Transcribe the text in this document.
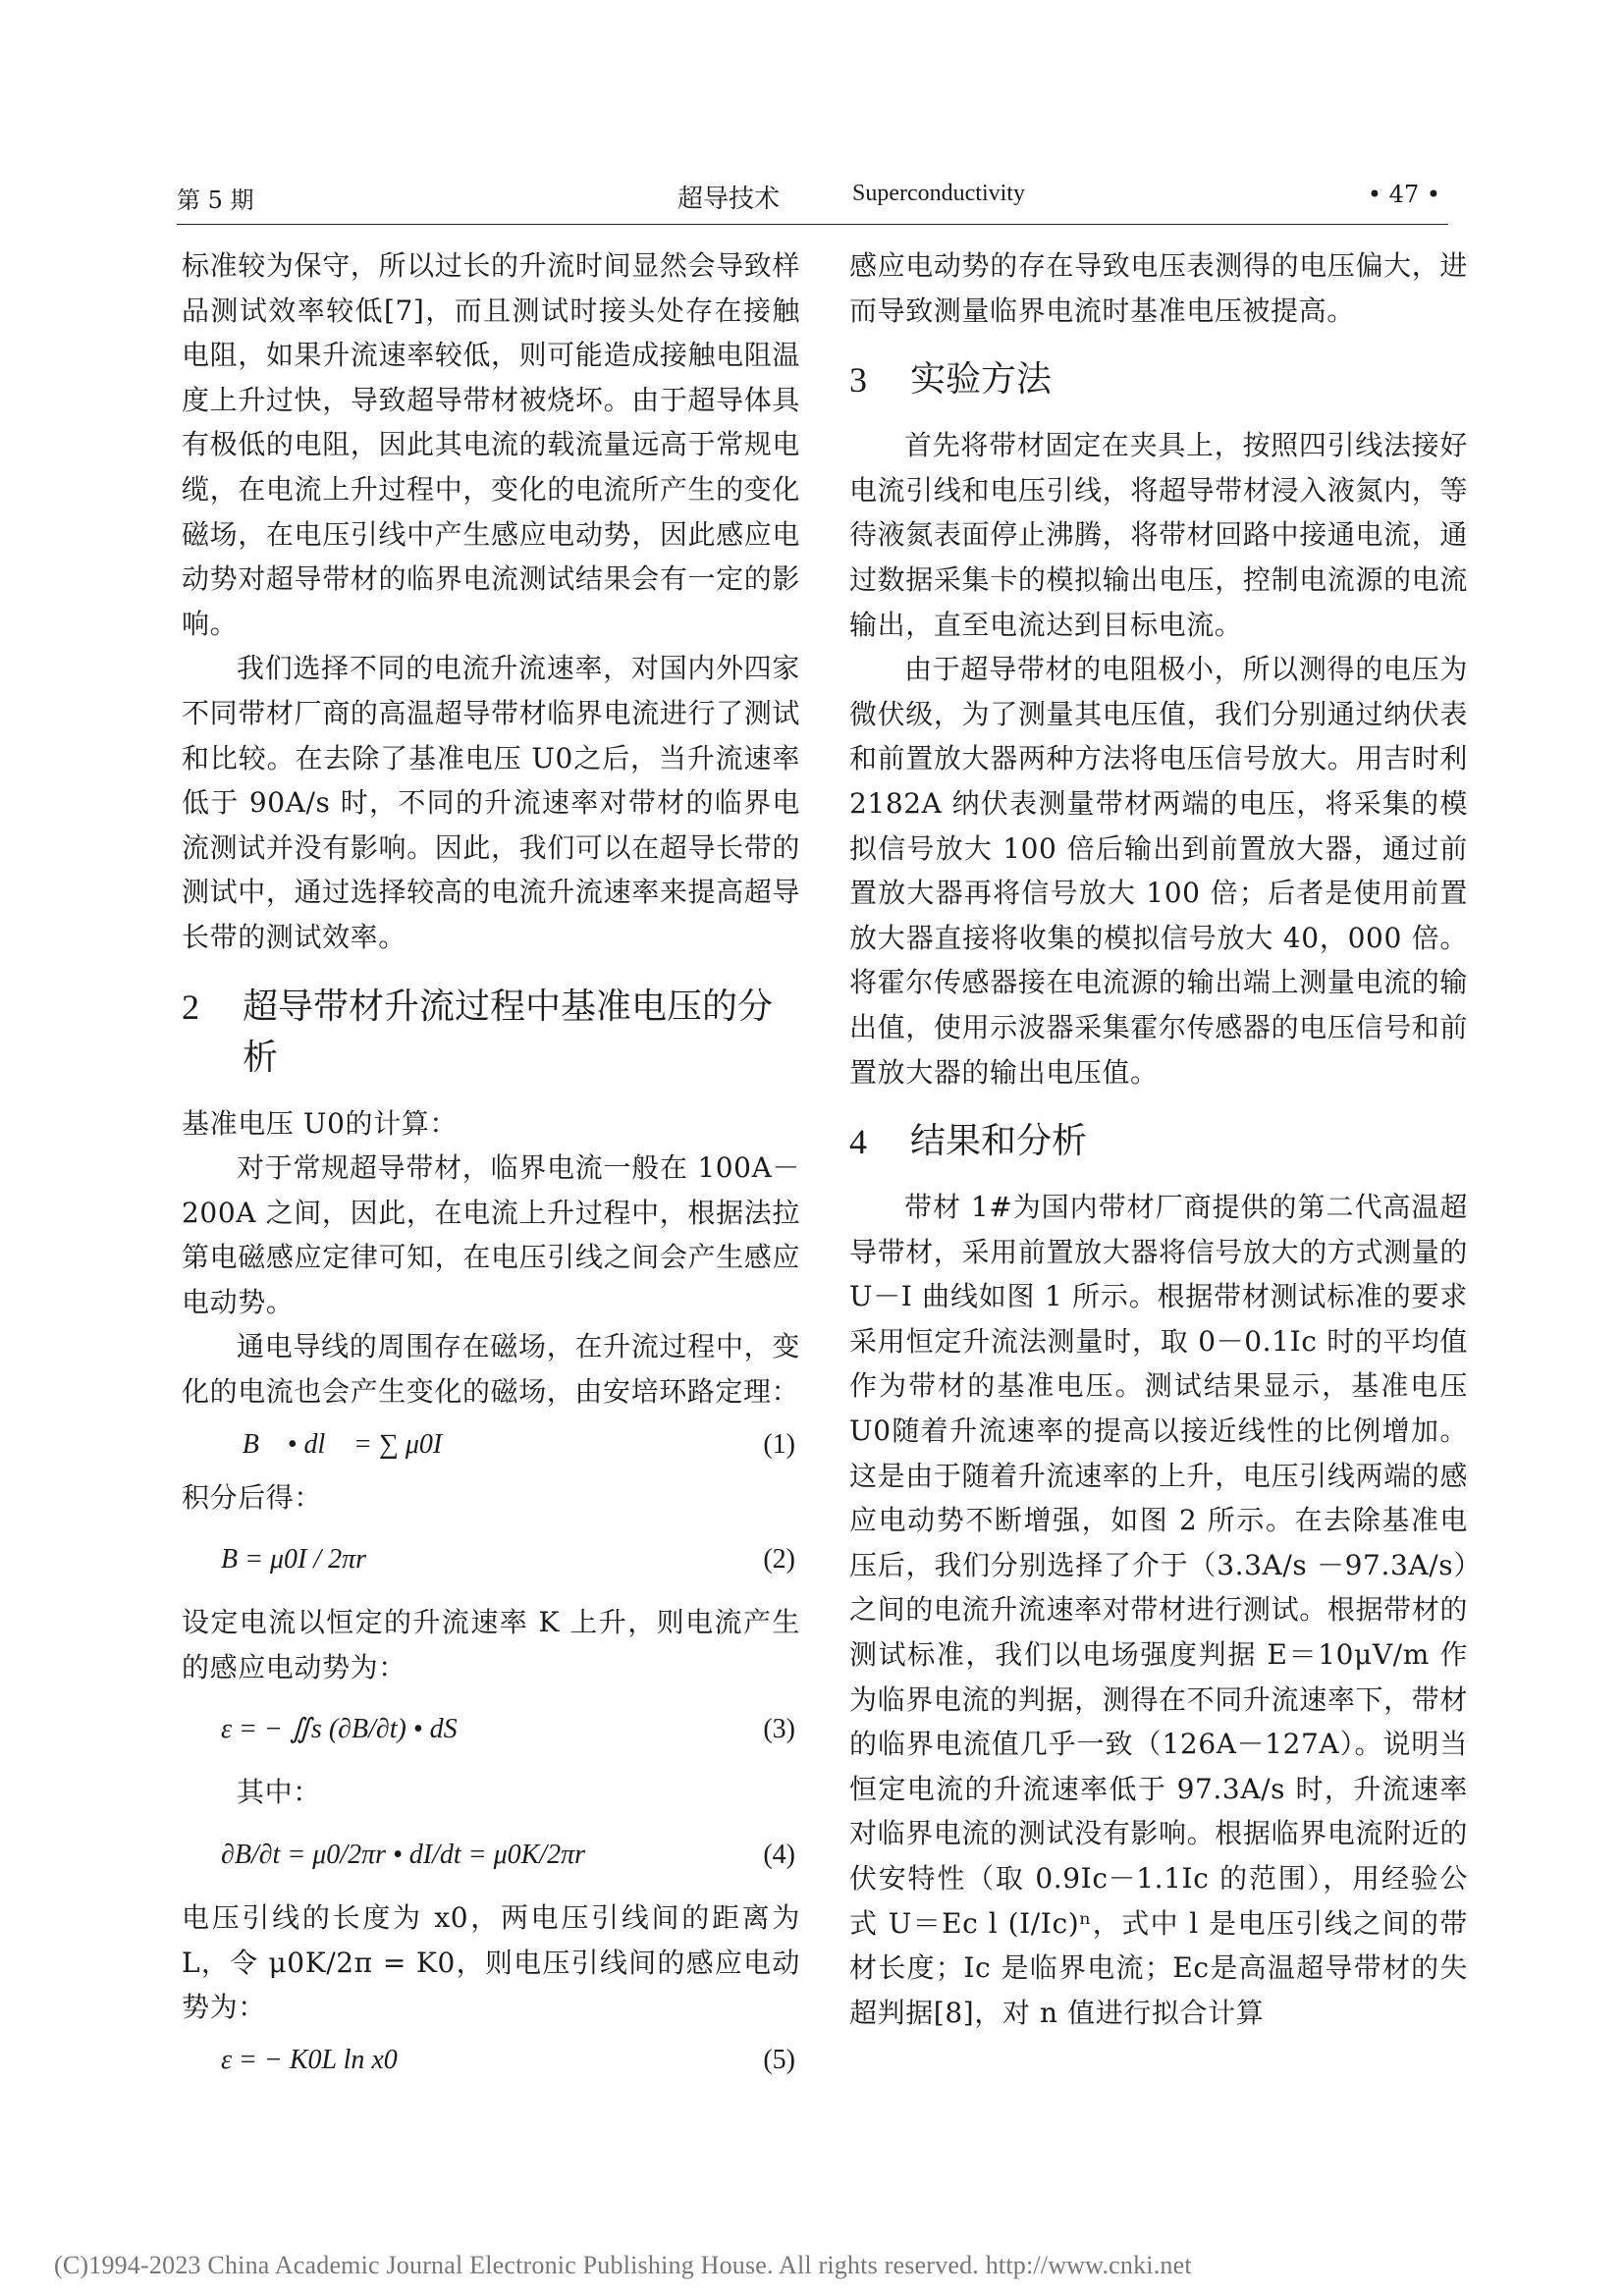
第 5 期	超导技术	Superconductivity	• 47 •

标准较为保守，所以过长的升流时间显然会导致样品测试效率较低[7]，而且测试时接头处存在接触电阻，如果升流速率较低，则可能造成接触电阻温度上升过快，导致超导带材被烧坏。由于超导体具有极低的电阻，因此其电流的载流量远高于常规电缆，在电流上升过程中，变化的电流所产生的变化磁场，在电压引线中产生感应电动势，因此感应电动势对超导带材的临界电流测试结果会有一定的影响。

我们选择不同的电流升流速率，对国内外四家不同带材厂商的高温超导带材临界电流进行了测试和比较。在去除了基准电压 U0之后，当升流速率低于 90A/s 时，不同的升流速率对带材的临界电流测试并没有影响。因此，我们可以在超导长带的测试中，通过选择较高的电流升流速率来提高超导长带的测试效率。

2	超导带材升流过程中基准电压的分析

基准电压 U0的计算：

对于常规超导带材，临界电流一般在 100A－200A 之间，因此，在电流上升过程中，根据法拉第电磁感应定律可知，在电压引线之间会产生感应电动势。

通电导线的周围存在磁场，在升流过程中，变化的电流也会产生变化的磁场，由安培环路定理：

∮B⃗ • dl⃗ = ∑ μ0I	(1)

积分后得：

B = μ0I / 2πr	(2)

设定电流以恒定的升流速率 K 上升，则电流产生的感应电动势为：

ε = − ∬s (∂B/∂t) • dS	(3)

其中：

∂B/∂t = μ0/2πr • dI/dt = μ0K/2πr	(4)

电压引线的长度为 x0，两电压引线间的距离为 L，令 μ0K/2π = K0，则电压引线间的感应电动势为：

ε = − K0L ln x0	(5)

感应电动势的存在导致电压表测得的电压偏大，进而导致测量临界电流时基准电压被提高。

3	实验方法

首先将带材固定在夹具上，按照四引线法接好电流引线和电压引线，将超导带材浸入液氮内，等待液氮表面停止沸腾，将带材回路中接通电流，通过数据采集卡的模拟输出电压，控制电流源的电流输出，直至电流达到目标电流。

由于超导带材的电阻极小，所以测得的电压为微伏级，为了测量其电压值，我们分别通过纳伏表和前置放大器两种方法将电压信号放大。用吉时利 2182A 纳伏表测量带材两端的电压，将采集的模拟信号放大 100 倍后输出到前置放大器，通过前置放大器再将信号放大 100 倍；后者是使用前置放大器直接将收集的模拟信号放大 40，000 倍。将霍尔传感器接在电流源的输出端上测量电流的输出值，使用示波器采集霍尔传感器的电压信号和前置放大器的输出电压值。

4	结果和分析

带材 1#为国内带材厂商提供的第二代高温超导带材，采用前置放大器将信号放大的方式测量的 U－I 曲线如图 1 所示。根据带材测试标准的要求采用恒定升流法测量时，取 0－0.1Ic 时的平均值作为带材的基准电压。测试结果显示，基准电压 U0随着升流速率的提高以接近线性的比例增加。这是由于随着升流速率的上升，电压引线两端的感应电动势不断增强，如图 2 所示。在去除基准电压后，我们分别选择了介于（3.3A/s －97.3A/s）之间的电流升流速率对带材进行测试。根据带材的测试标准，我们以电场强度判据 E＝10μV/m 作为临界电流的判据，测得在不同升流速率下，带材的临界电流值几乎一致（126A－127A）。说明当恒定电流的升流速率低于 97.3A/s 时，升流速率对临界电流的测试没有影响。根据临界电流附近的伏安特性（取 0.9Ic－1.1Ic 的范围），用经验公式 U＝Ec l (I/Ic)ⁿ，式中 l 是电压引线之间的带材长度；Ic 是临界电流；Ec是高温超导带材的失超判据[8]，对 n 值进行拟合计算

(C)1994-2023 China Academic Journal Electronic Publishing House. All rights reserved. http://www.cnki.net
